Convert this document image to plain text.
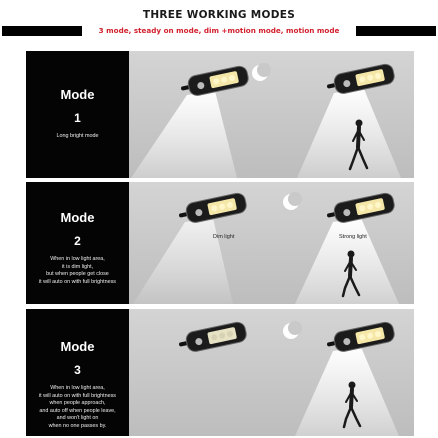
THREE WORKING MODES
3 mode, steady on mode, dim +motion mode, motion mode
Mode
1
Long bright mode
Mode
2
When in low light area,
it is dim light,
but when people get close
it will auto on with full brightness
Dim light	Strong light
Mode
3
When in low light area,
it will auto on with full brightness
when people approach,
and auto off when people leave,
and won't light on
when no one passes by.
